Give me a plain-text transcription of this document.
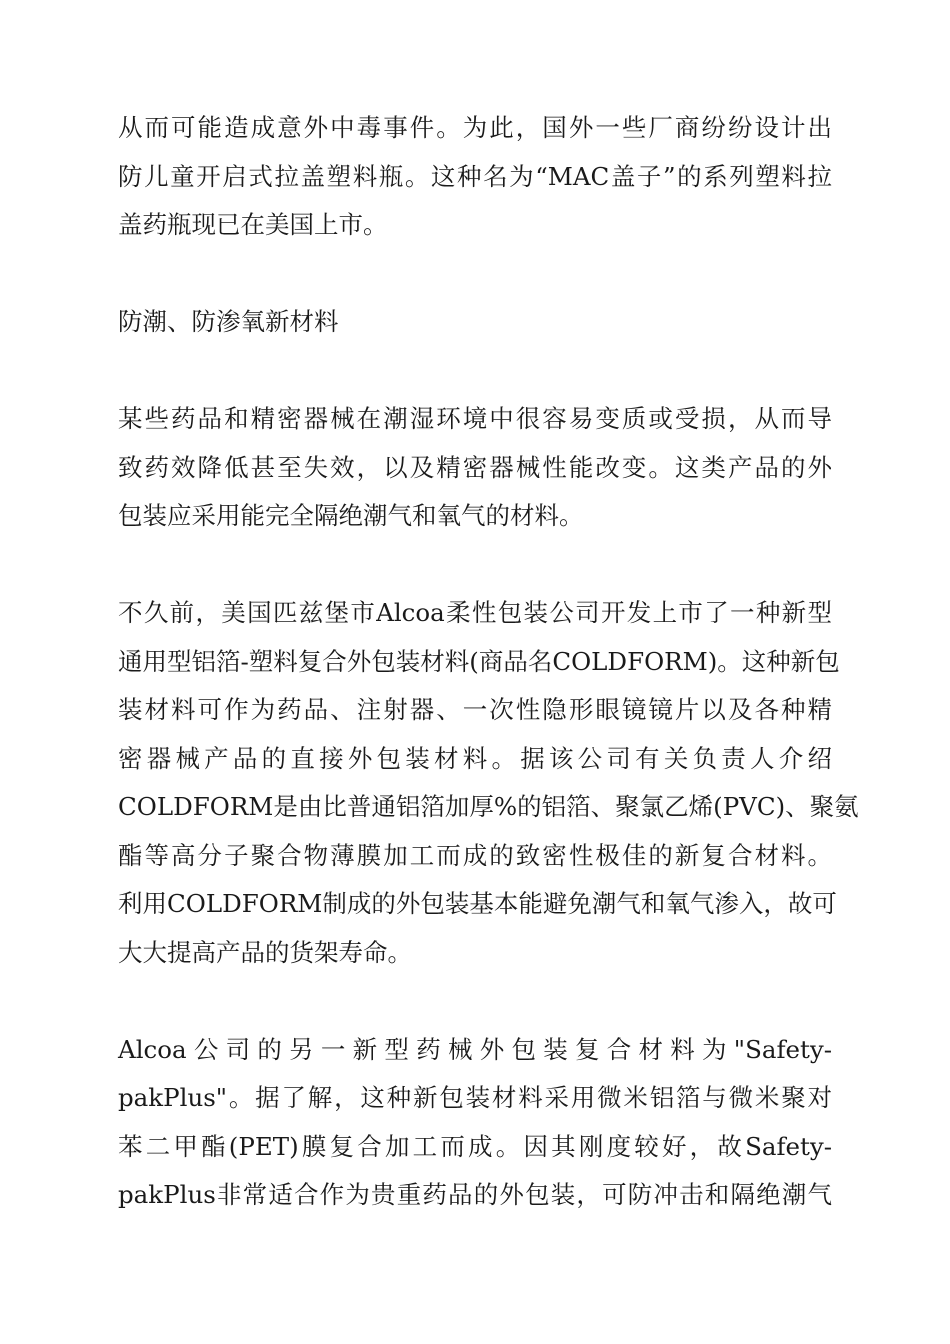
从而可能造成意外中毒事件。为此，国外一些厂商纷纷设计出
防儿童开启式拉盖塑料瓶。这种名为“MAC盖子”的系列塑料拉
盖药瓶现已在美国上市。
防潮、防渗氧新材料
某些药品和精密器械在潮湿环境中很容易变质或受损，从而导
致药效降低甚至失效，以及精密器械性能改变。这类产品的外
包装应采用能完全隔绝潮气和氧气的材料。
不久前，美国匹兹堡市Alcoa柔性包装公司开发上市了一种新型
通用型铝箔-塑料复合外包装材料(商品名COLDFORM)。这种新包
装材料可作为药品、注射器、一次性隐形眼镜镜片以及各种精
密器械产品的直接外包装材料。据该公司有关负责人介绍
COLDFORM是由比普通铝箔加厚%的铝箔、聚氯乙烯(PVC)、聚氨
酯等高分子聚合物薄膜加工而成的致密性极佳的新复合材料。
利用COLDFORM制成的外包装基本能避免潮气和氧气渗入，故可
大大提高产品的货架寿命。
Alcoa公司的另一新型药械外包装复合材料为"Safety-
pakPlus"。据了解，这种新包装材料采用微米铝箔与微米聚对
苯二甲酯(PET)膜复合加工而成。因其刚度较好，故Safety-
pakPlus非常适合作为贵重药品的外包装，可防冲击和隔绝潮气
